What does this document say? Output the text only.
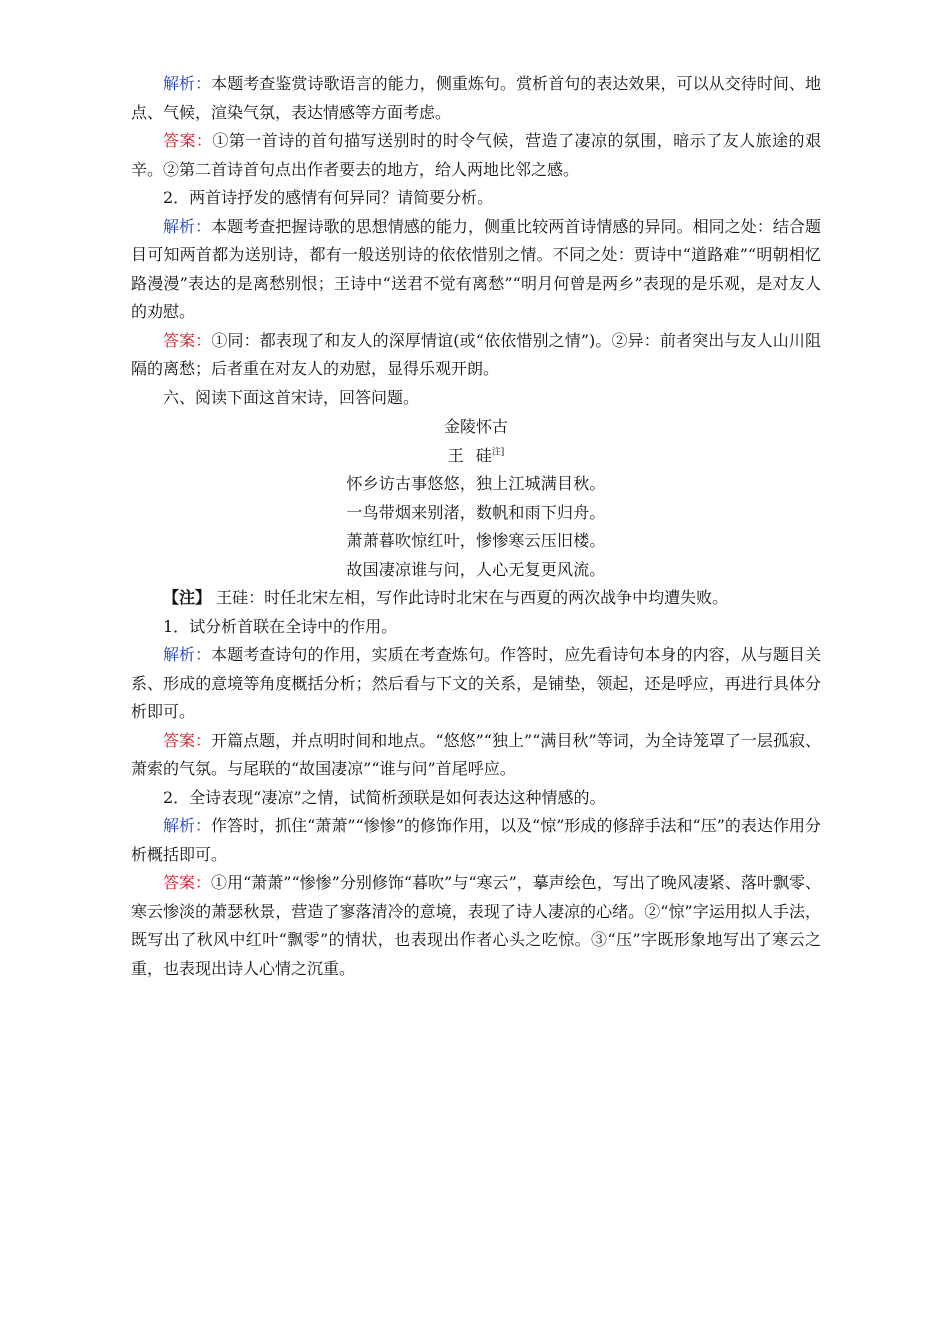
解析：本题考查鉴赏诗歌语言的能力，侧重炼句。赏析首句的表达效果，可以从交待时间、地点、气候，渲染气氛，表达情感等方面考虑。

答案：①第一首诗的首句描写送别时的时令气候，营造了凄凉的氛围，暗示了友人旅途的艰辛。②第二首诗首句点出作者要去的地方，给人两地比邻之感。

2．两首诗抒发的感情有何异同？请简要分析。

解析：本题考查把握诗歌的思想情感的能力，侧重比较两首诗情感的异同。相同之处：结合题目可知两首都为送别诗，都有一般送别诗的依依惜别之情。不同之处：贾诗中“道路难”“明朝相忆路漫漫”表达的是离愁别恨；王诗中“送君不觉有离愁”“明月何曾是两乡”表现的是乐观，是对友人的劝慰。

答案：①同：都表现了和友人的深厚情谊(或“依依惜别之情”)。②异：前者突出与友人山川阻隔的离愁；后者重在对友人的劝慰，显得乐观开朗。

六、阅读下面这首宋诗，回答问题。

金陵怀古

王 硅$^{注]}$

怀乡访古事悠悠，独上江城满目秋。

一鸟带烟来别渚，数帆和雨下归舟。

萧萧暮吹惊红叶，惨惨寒云压旧楼。

故国凄凉谁与问，人心无复更风流。

【注】 王硅：时任北宋左相，写作此诗时北宋在与西夏的两次战争中均遭失败。

1．试分析首联在全诗中的作用。

解析：本题考查诗句的作用，实质在考查炼句。作答时，应先看诗句本身的内容，从与题目关系、形成的意境等角度概括分析；然后看与下文的关系，是铺垫，领起，还是呼应，再进行具体分析即可。

答案：开篇点题，并点明时间和地点。“悠悠”“独上”“满目秋”等词，为全诗笼罩了一层孤寂、萧索的气氛。与尾联的“故国凄凉”“谁与问”首尾呼应。

2．全诗表现“凄凉”之情，试简析颈联是如何表达这种情感的。

解析：作答时，抓住“萧萧”“惨惨”的修饰作用，以及“惊”形成的修辞手法和“压”的表达作用分析概括即可。

答案：①用“萧萧”“惨惨”分别修饰“暮吹”与“寒云”，摹声绘色，写出了晚风凄紧、落叶飘零、寒云惨淡的萧瑟秋景，营造了寥落清冷的意境，表现了诗人凄凉的心绪。②“惊”字运用拟人手法，既写出了秋风中红叶“飘零”的情状，也表现出作者心头之吃惊。③“压”字既形象地写出了寒云之重，也表现出诗人心情之沉重。
